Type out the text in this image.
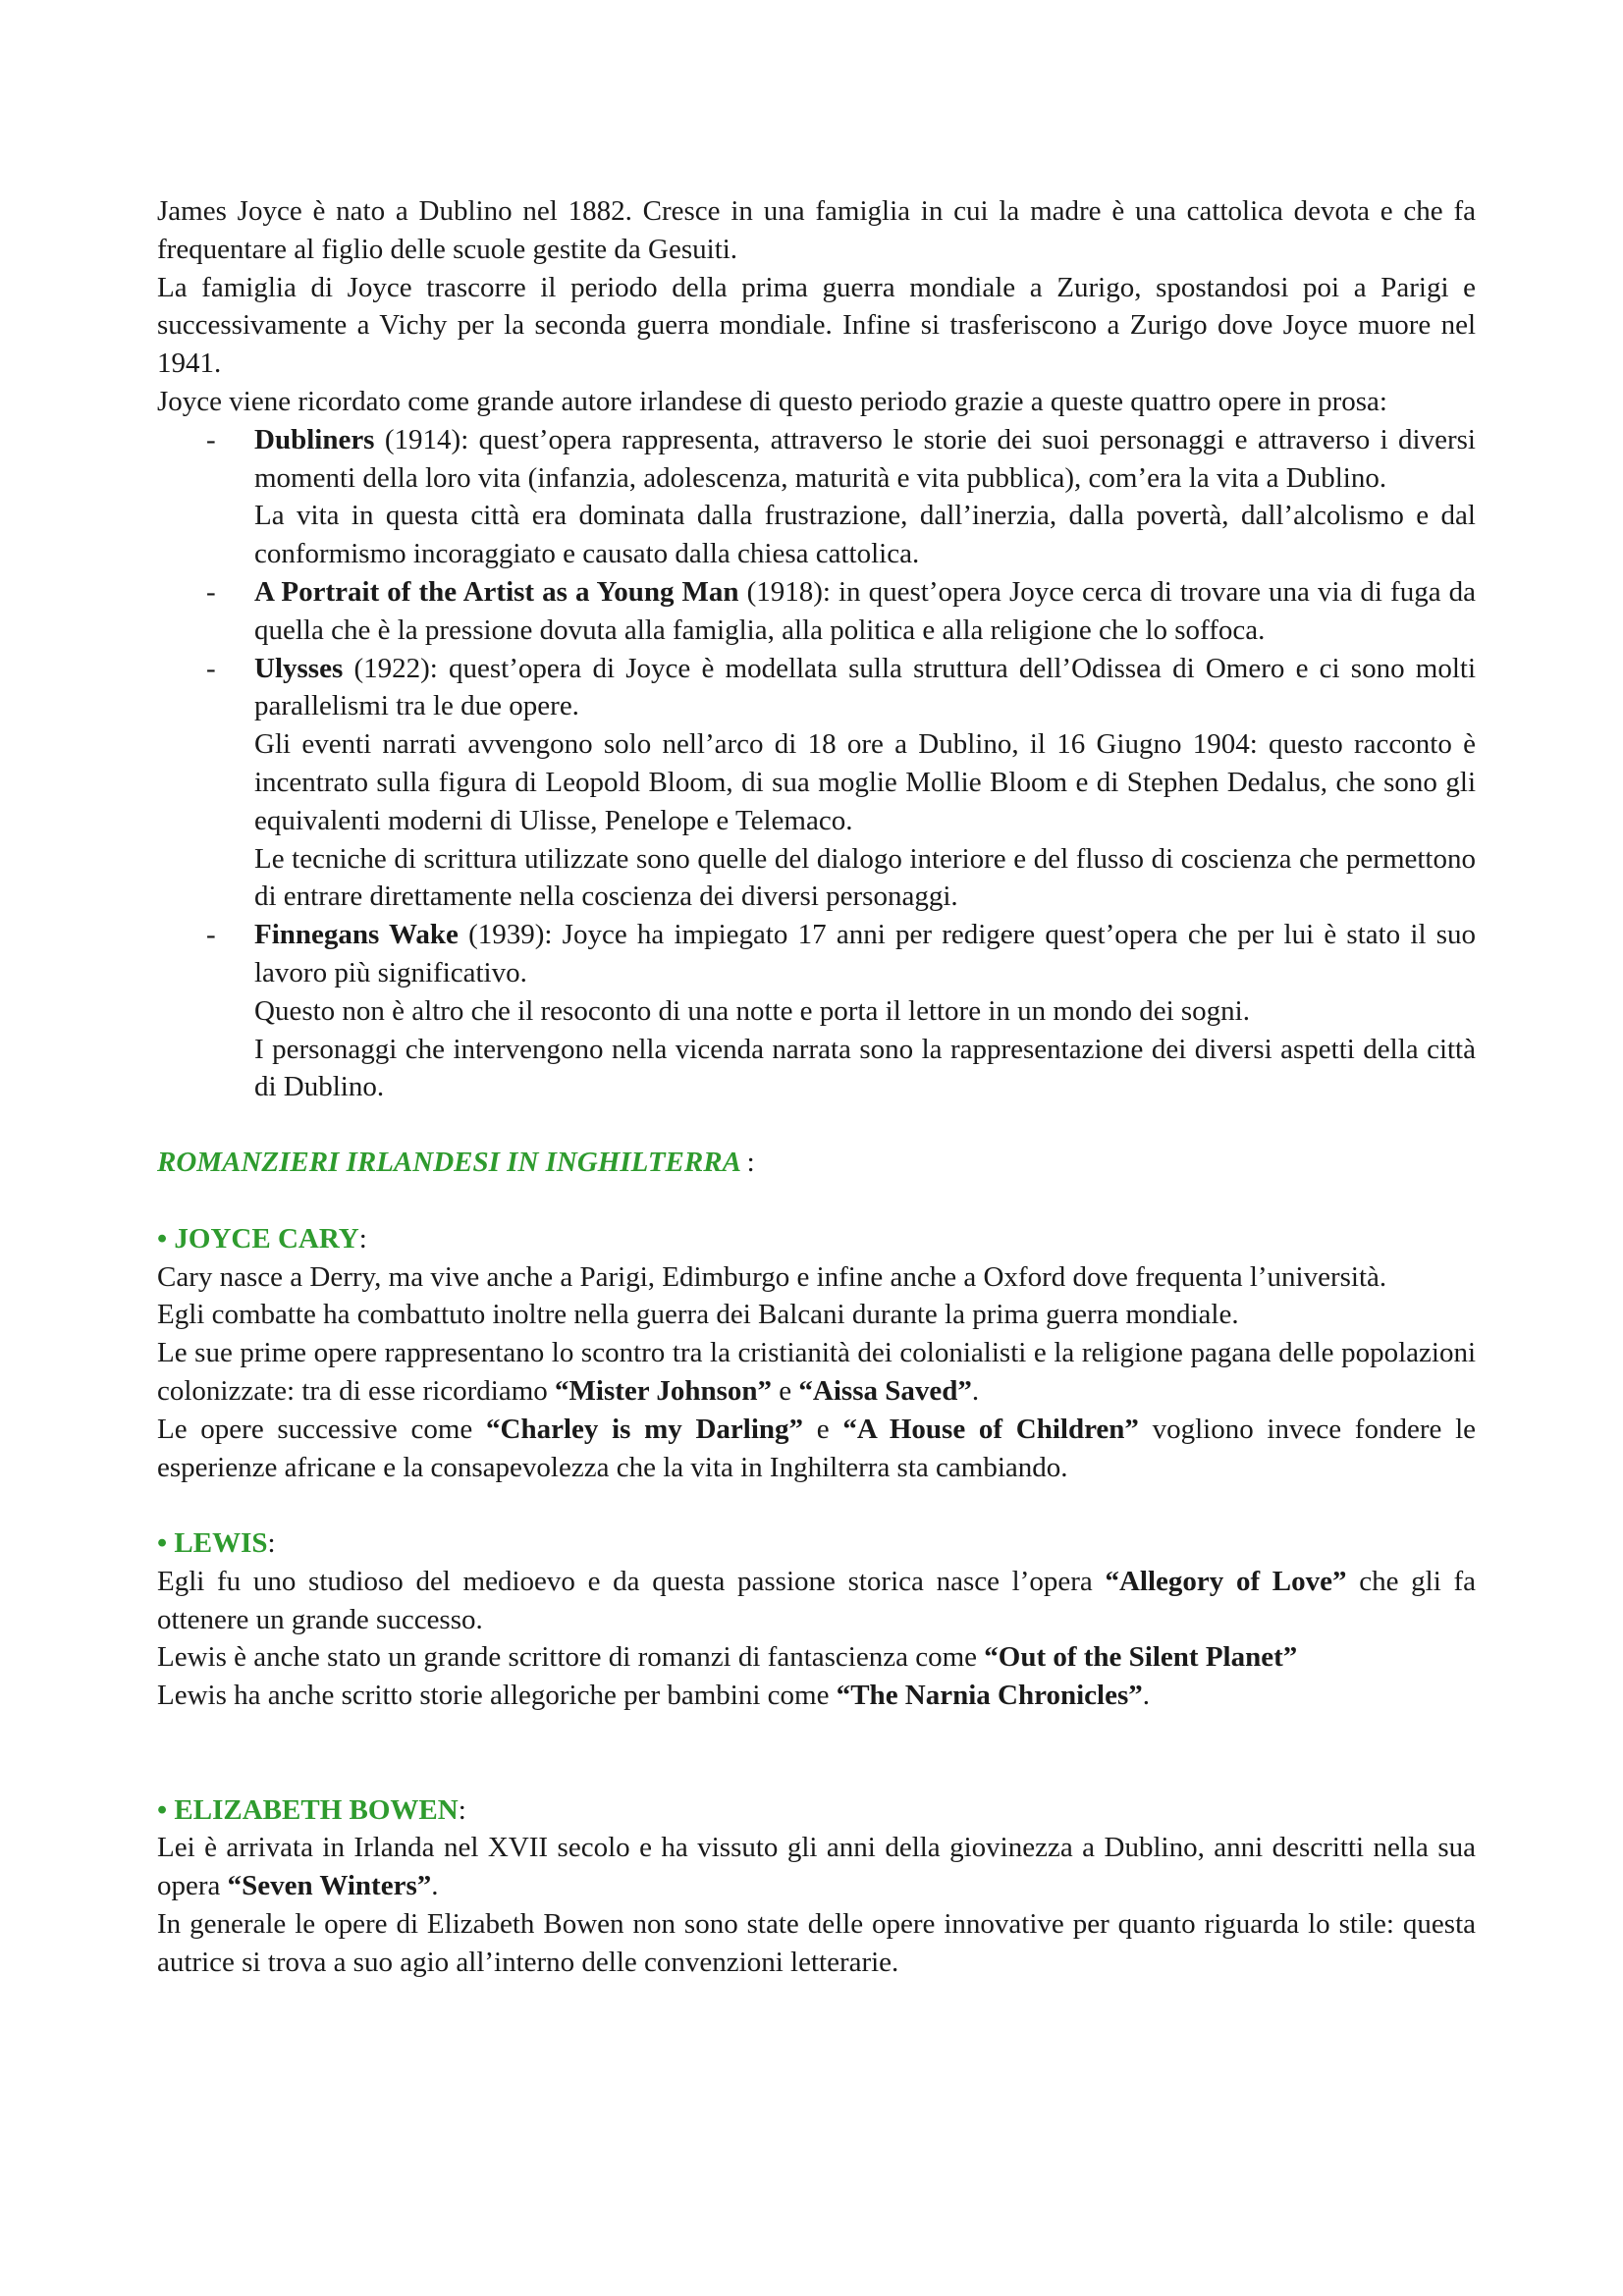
James Joyce è nato a Dublino nel 1882. Cresce in una famiglia in cui la madre è una cattolica devota e che fa frequentare al figlio delle scuole gestite da Gesuiti.

La famiglia di Joyce trascorre il periodo della prima guerra mondiale a Zurigo, spostandosi poi a Parigi e successivamente a Vichy per la seconda guerra mondiale. Infine si trasferiscono a Zurigo dove Joyce muore nel 1941.

Joyce viene ricordato come grande autore irlandese di questo periodo grazie a queste quattro opere in prosa:

- Dubliners (1914): quest’opera rappresenta, attraverso le storie dei suoi personaggi e attraverso i diversi momenti della loro vita (infanzia, adolescenza, maturità e vita pubblica), com’era la vita a Dublino.

La vita in questa città era dominata dalla frustrazione, dall’inerzia, dalla povertà, dall’alcolismo e dal conformismo incoraggiato e causato dalla chiesa cattolica.

- A Portrait of the Artist as a Young Man (1918): in quest’opera Joyce cerca di trovare una via di fuga da quella che è la pressione dovuta alla famiglia, alla politica e alla religione che lo soffoca.

- Ulysses (1922): quest’opera di Joyce è modellata sulla struttura dell’Odissea di Omero e ci sono molti parallelismi tra le due opere.

Gli eventi narrati avvengono solo nell’arco di 18 ore a Dublino, il 16 Giugno 1904: questo racconto è incentrato sulla figura di Leopold Bloom, di sua moglie Mollie Bloom e di Stephen Dedalus, che sono gli equivalenti moderni di Ulisse, Penelope e Telemaco.

Le tecniche di scrittura utilizzate sono quelle del dialogo interiore e del flusso di coscienza che permettono di entrare direttamente nella coscienza dei diversi personaggi.

- Finnegans Wake (1939): Joyce ha impiegato 17 anni per redigere quest’opera che per lui è stato il suo lavoro più significativo.

Questo non è altro che il resoconto di una notte e porta il lettore in un mondo dei sogni.

I personaggi che intervengono nella vicenda narrata sono la rappresentazione dei diversi aspetti della città di Dublino.

ROMANZIERI IRLANDESI IN INGHILTERRA :

• JOYCE CARY:

Cary nasce a Derry, ma vive anche a Parigi, Edimburgo e infine anche a Oxford dove frequenta l’università.

Egli combatte ha combattuto inoltre nella guerra dei Balcani durante la prima guerra mondiale.

Le sue prime opere rappresentano lo scontro tra la cristianità dei colonialisti e la religione pagana delle popolazioni colonizzate: tra di esse ricordiamo “Mister Johnson” e “Aissa Saved”.

Le opere successive come “Charley is my Darling” e “A House of Children” vogliono invece fondere le esperienze africane e la consapevolezza che la vita in Inghilterra sta cambiando.

• LEWIS:

Egli fu uno studioso del medioevo e da questa passione storica nasce l’opera “Allegory of Love” che gli fa ottenere un grande successo.

Lewis è anche stato un grande scrittore di romanzi di fantascienza come “Out of the Silent Planet”

Lewis ha anche scritto storie allegoriche per bambini come “The Narnia Chronicles”.

• ELIZABETH BOWEN:

Lei è arrivata in Irlanda nel XVII secolo e ha vissuto gli anni della giovinezza a Dublino, anni descritti nella sua opera “Seven Winters”.

In generale le opere di Elizabeth Bowen non sono state delle opere innovative per quanto riguarda lo stile: questa autrice si trova a suo agio all’interno delle convenzioni letterarie.
